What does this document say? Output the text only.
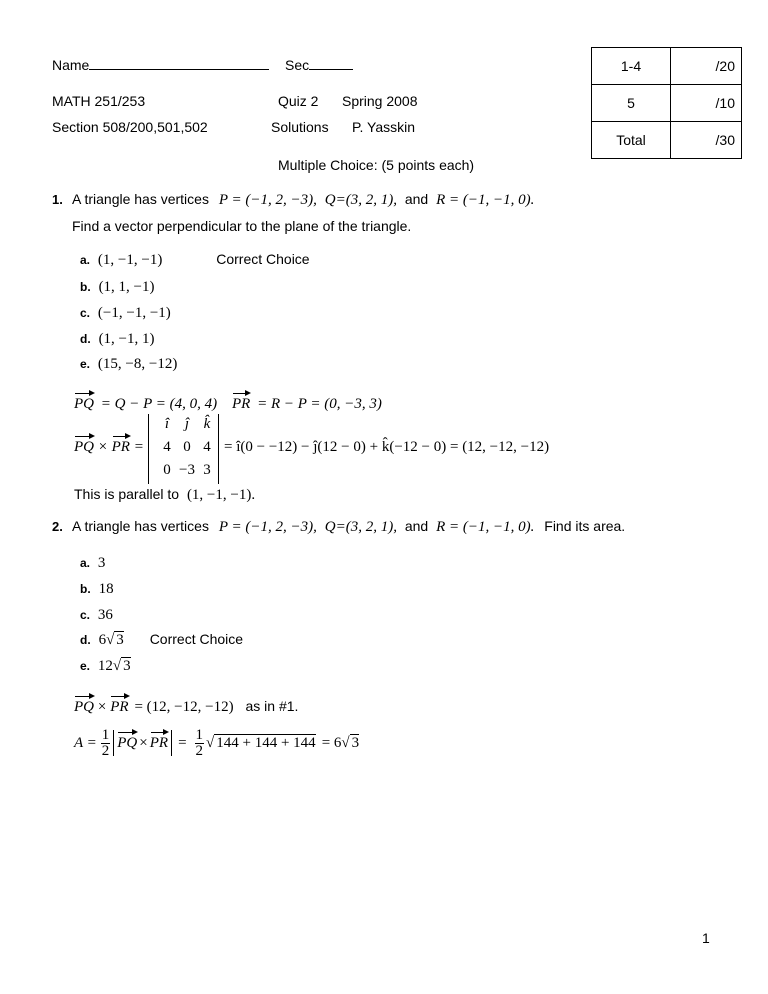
Name	Sec
MATH 251/253	Quiz 2 Spring 2008
Section 508/200,501,502	Solutions P. Yasskin
1-4	/20
5	/10
Total	/30
Multiple Choice: (5 points each)
1. A triangle has vertices P = (−1, 2, −3), Q=(3, 2, 1), and R = (−1, −1, 0).
Find a vector perpendicular to the plane of the triangle.
a. (1, −1, −1)	Correct Choice
b. (1, 1, −1)
c. (−1, −1, −1)
d. (1, −1, 1)
e. (15, −8, −12)
PQ = Q − P = (4, 0, 4) PR = R − P = (0, −3, 3)
PQ × PR =
î ĵ k̂
4 0 4
0 −3 3
= î(0 − −12) − ĵ(12 − 0) + k̂(−12 − 0) = (12, −12, −12)
This is parallel to (1, −1, −1).
2. A triangle has vertices P = (−1, 2, −3), Q=(3, 2, 1), and R = (−1, −1, 0). Find its area.
a. 3
b. 18
c. 36
d. 6√ 3 Correct Choice
e. 12√ 3
PQ × PR = (12, −12, −12) as in #1.
$A = \frac{1}{2}$ PQ × PR = $\frac{1}{2}$ √ 144 + 144 + 144 = 6 √ 3
1
